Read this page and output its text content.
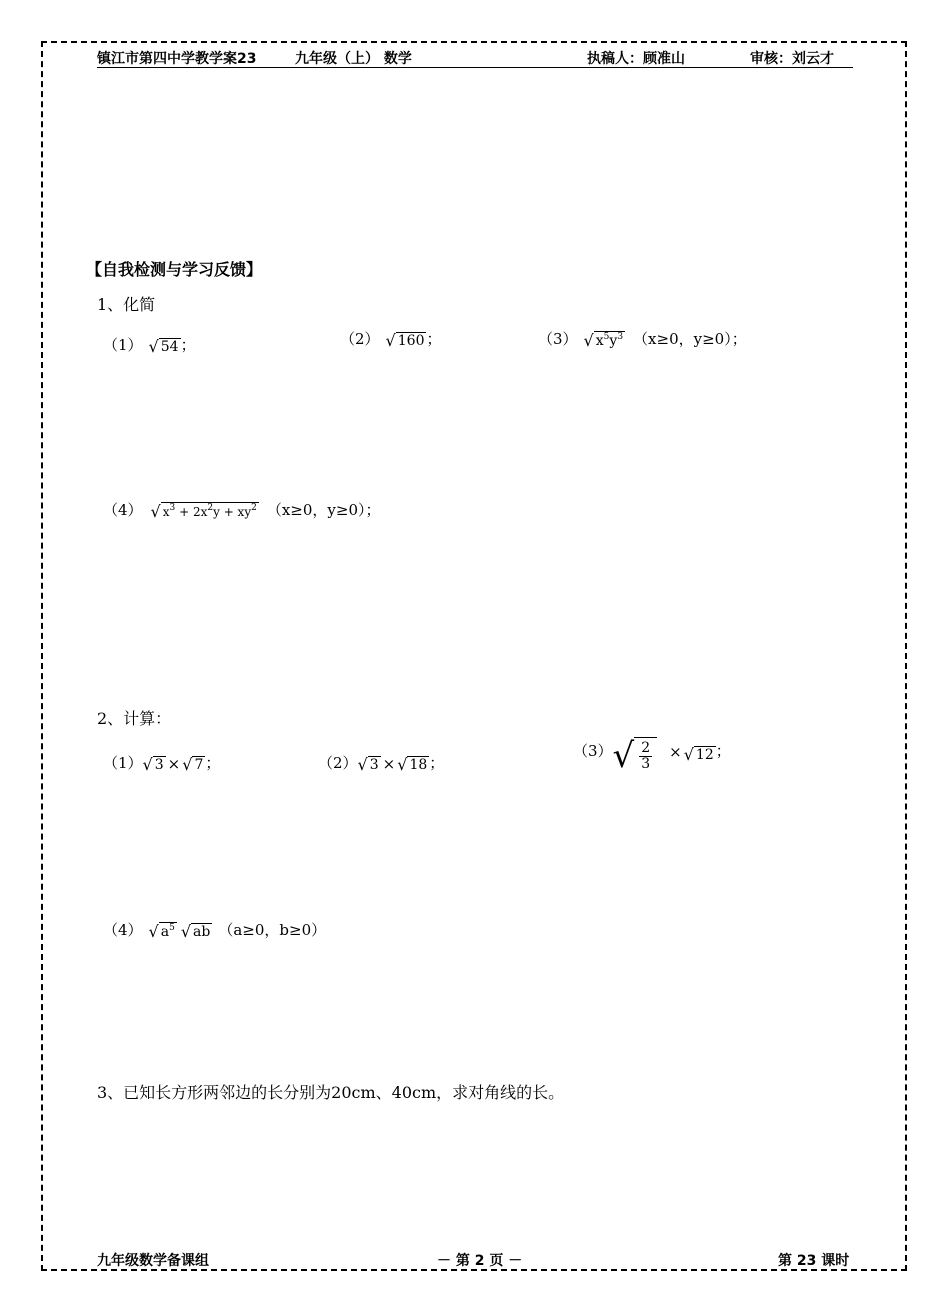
镇江市第四中学教学案23	九年级（上） 数学	执稿人：顾准山	审核：刘云才
【自我检测与学习反馈】
1、化简
（1） √ 54 ；	（2） √ 160 ；	（3） √ $x^5y^3$ （x≥0，y≥0）；
（4） √ $x^3 + 2x^2y + xy^2$ （x≥0，y≥0）；
2、计算：
（1） √ 3 × √ 7 ；	（2） √ 3 × √ 18 ；
（3） √ $\frac{2}{3}$ × √ 12 ；
（4） √ $a^5$ √ ab （a≥0，b≥0）
3、已知长方形两邻边的长分别为20cm、40cm，求对角线的长。
九年级数学备课组	－ 第 2 页 －	第 23 课时
